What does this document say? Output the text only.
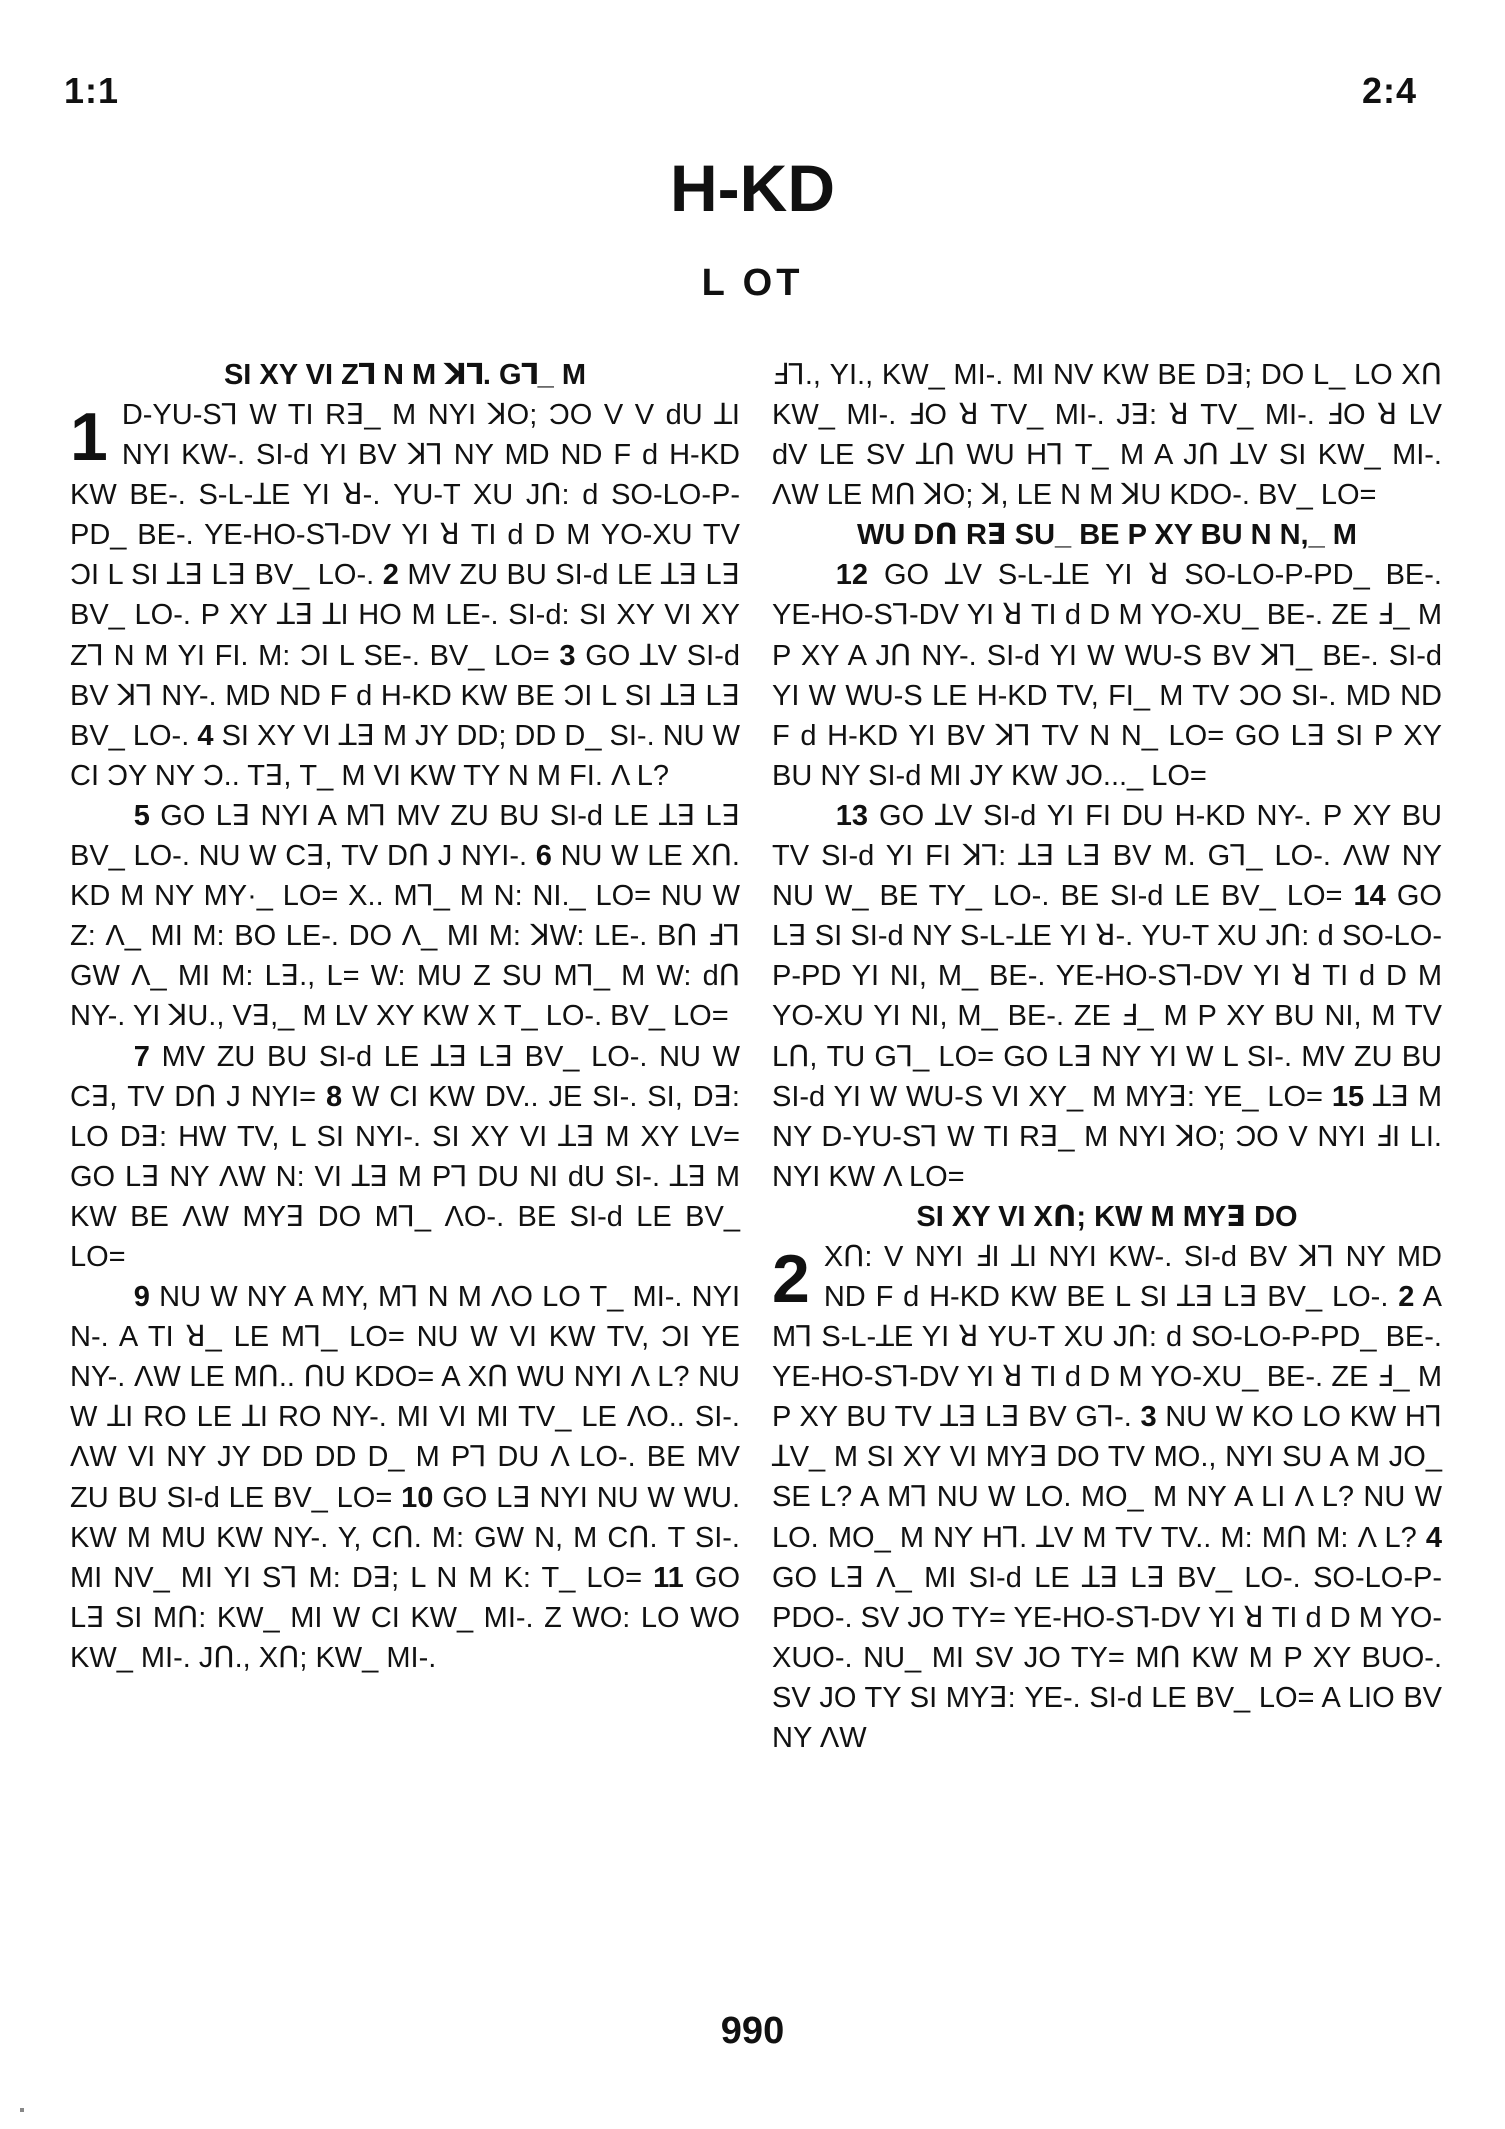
1:1	2:4
H-KD
L OT
SI XY VI Zꓶ N M ꓘꓶ. Gꓶ_ M

1 D-YU-Sꓶ W TI Rꓱ_ M NYI ꓘO; ƆO V V dU ꓕI NYI KW-. SI-d YI BV ꓘꓶ NY MD ND F d H-KD KW BE-. S-L-ꓕE YI ꓤ-. YU-T XU Jꓵ: d SO-LO-P-PD_ BE-. YE-HO-Sꓶ-DV YI ꓤ TI d D M YO-XU TV ƆI L SI ꓕꓱ Lꓱ BV_ LO-. 2 MV ZU BU SI-d LE ꓕꓱ Lꓱ BV_ LO-. P XY ꓕꓱ ꓕI HO M LE-. SI-d: SI XY VI XY Zꓶ N M YI FI. M: ƆI L SE-. BV_ LO= 3 GO ꓕV SI-d BV ꓘꓶ NY-. MD ND F d H-KD KW BE ƆI L SI ꓕꓱ Lꓱ BV_ LO-. 4 SI XY VI ꓕꓱ M JY DD; DD D_ SI-. NU W CI ƆY NY Ɔ.. Tꓱ, T_ M VI KW TY N M FI. Λ L?

5 GO Lꓱ NYI A Mꓶ MV ZU BU SI-d LE ꓕꓱ Lꓱ BV_ LO-. NU W Cꓱ, TV Dꓵ J NYI-. 6 NU W LE Xꓵ. KD M NY MY·_ LO= X.. Mꓶ_ M N: NI._ LO= NU W Z: Λ_ MI M: BO LE-. DO Λ_ MI M: ꓘW: LE-. Bꓵ ꓞꓶ GW Λ_ MI M: Lꓱ., L= W: MU Z SU Mꓶ_ M W: dꓵ NY-. YI ꓘU., Vꓱ,_ M LV XY KW X T_ LO-. BV_ LO=

7 MV ZU BU SI-d LE ꓕꓱ Lꓱ BV_ LO-. NU W Cꓱ, TV Dꓵ J NYI= 8 W CI KW DV.. JE SI-. SI, Dꓱ: LO Dꓱ: HW TV, L SI NYI-. SI XY VI ꓕꓱ M XY LV= GO Lꓱ NY ΛW N: VI ꓕꓱ M Pꓶ DU NI dU SI-. ꓕꓱ M KW BE ΛW MYꓱ DO Mꓶ_ ΛO-. BE SI-d LE BV_ LO=

9 NU W NY A MY, Mꓶ N M ΛO LO T_ MI-. NYI N-. A TI ꓤ_ LE Mꓶ_ LO= NU W VI KW TV, ƆI YE NY-. ΛW LE Mꓵ.. ꓵU KDO= A Xꓵ WU NYI Λ L? NU W ꓕI RO LE ꓕI RO NY-. MI VI MI TV_ LE ΛO.. SI-. ΛW VI NY JY DD DD D_ M Pꓶ DU Λ LO-. BE MV ZU BU SI-d LE BV_ LO= 10 GO Lꓱ NYI NU W WU. KW M MU KW NY-. Y, Cꓵ. M: GW N, M Cꓵ. T SI-. MI NV_ MI YI Sꓶ M: Dꓱ; L N M K: T_ LO= 11 GO Lꓱ SI Mꓵ: KW_ MI W CI KW_ MI-. Z WO: LO WO KW_ MI-. Jꓵ., Xꓵ; KW_ MI-.

ꓞꓶ., YI., KW_ MI-. MI NV KW BE Dꓱ; DO L_ LO Xꓵ KW_ MI-. ꓞO ꓤ TV_ MI-. Jꓱ: ꓤ TV_ MI-. ꓞO ꓤ LV dV LE SV ꓕꓵ WU Hꓶ T_ M A Jꓵ ꓕV SI KW_ MI-. ΛW LE Mꓵ ꓘO; ꓘ, LE N M ꓘU KDO-. BV_ LO=

WU Dꓵ Rꓱ SU_ BE P XY BU N N,_ M

12 GO ꓕV S-L-ꓕE YI ꓤ SO-LO-P-PD_ BE-. YE-HO-Sꓶ-DV YI ꓤ TI d D M YO-XU_ BE-. ZE ꓞ_ M P XY A Jꓵ NY-. SI-d YI W WU-S BV ꓘꓶ_ BE-. SI-d YI W WU-S LE H-KD TV, FI_ M TV ƆO SI-. MD ND F d H-KD YI BV ꓘꓶ TV N N_ LO= GO Lꓱ SI P XY BU NY SI-d MI JY KW JO..._ LO=

13 GO ꓕV SI-d YI FI DU H-KD NY-. P XY BU TV SI-d YI FI ꓘꓶ: ꓕꓱ Lꓱ BV M. Gꓶ_ LO-. ΛW NY NU W_ BE TY_ LO-. BE SI-d LE BV_ LO= 14 GO Lꓱ SI SI-d NY S-L-ꓕE YI ꓤ-. YU-T XU Jꓵ: d SO-LO-P-PD YI NI, M_ BE-. YE-HO-Sꓶ-DV YI ꓤ TI d D M YO-XU YI NI, M_ BE-. ZE ꓞ_ M P XY BU NI, M TV Lꓵ, TU Gꓶ_ LO= GO Lꓱ NY YI W L SI-. MV ZU BU SI-d YI W WU-S VI XY_ M MYꓱ: YE_ LO= 15 ꓕꓱ M NY D-YU-Sꓶ W TI Rꓱ_ M NYI ꓘO; ƆO V NYI ꓞI LI. NYI KW Λ LO=

SI XY VI Xꓵ; KW M MYꓱ DO

2 Xꓵ: V NYI ꓞI ꓕI NYI KW-. SI-d BV ꓘꓶ NY MD ND F d H-KD KW BE L SI ꓕꓱ Lꓱ BV_ LO-. 2 A Mꓶ S-L-ꓕE YI ꓤ YU-T XU Jꓵ: d SO-LO-P-PD_ BE-. YE-HO-Sꓶ-DV YI ꓤ TI d D M YO-XU_ BE-. ZE ꓞ_ M P XY BU TV ꓕꓱ Lꓱ BV Gꓶ-. 3 NU W KO LO KW Hꓶ ꓕV_ M SI XY VI MYꓱ DO TV MO., NYI SU A M JO_ SE L? A Mꓶ NU W LO. MO_ M NY A LI Λ L? NU W LO. MO_ M NY Hꓶ. ꓕV M TV TV.. M: Mꓵ M: Λ L? 4 GO Lꓱ Λ_ MI SI-d LE ꓕꓱ Lꓱ BV_ LO-. SO-LO-P-PDO-. SV JO TY= YE-HO-Sꓶ-DV YI ꓤ TI d D M YO-XUO-. NU_ MI SV JO TY= Mꓵ KW M P XY BUO-. SV JO TY SI MYꓱ: YE-. SI-d LE BV_ LO= A LIO BV NY ΛW

990
